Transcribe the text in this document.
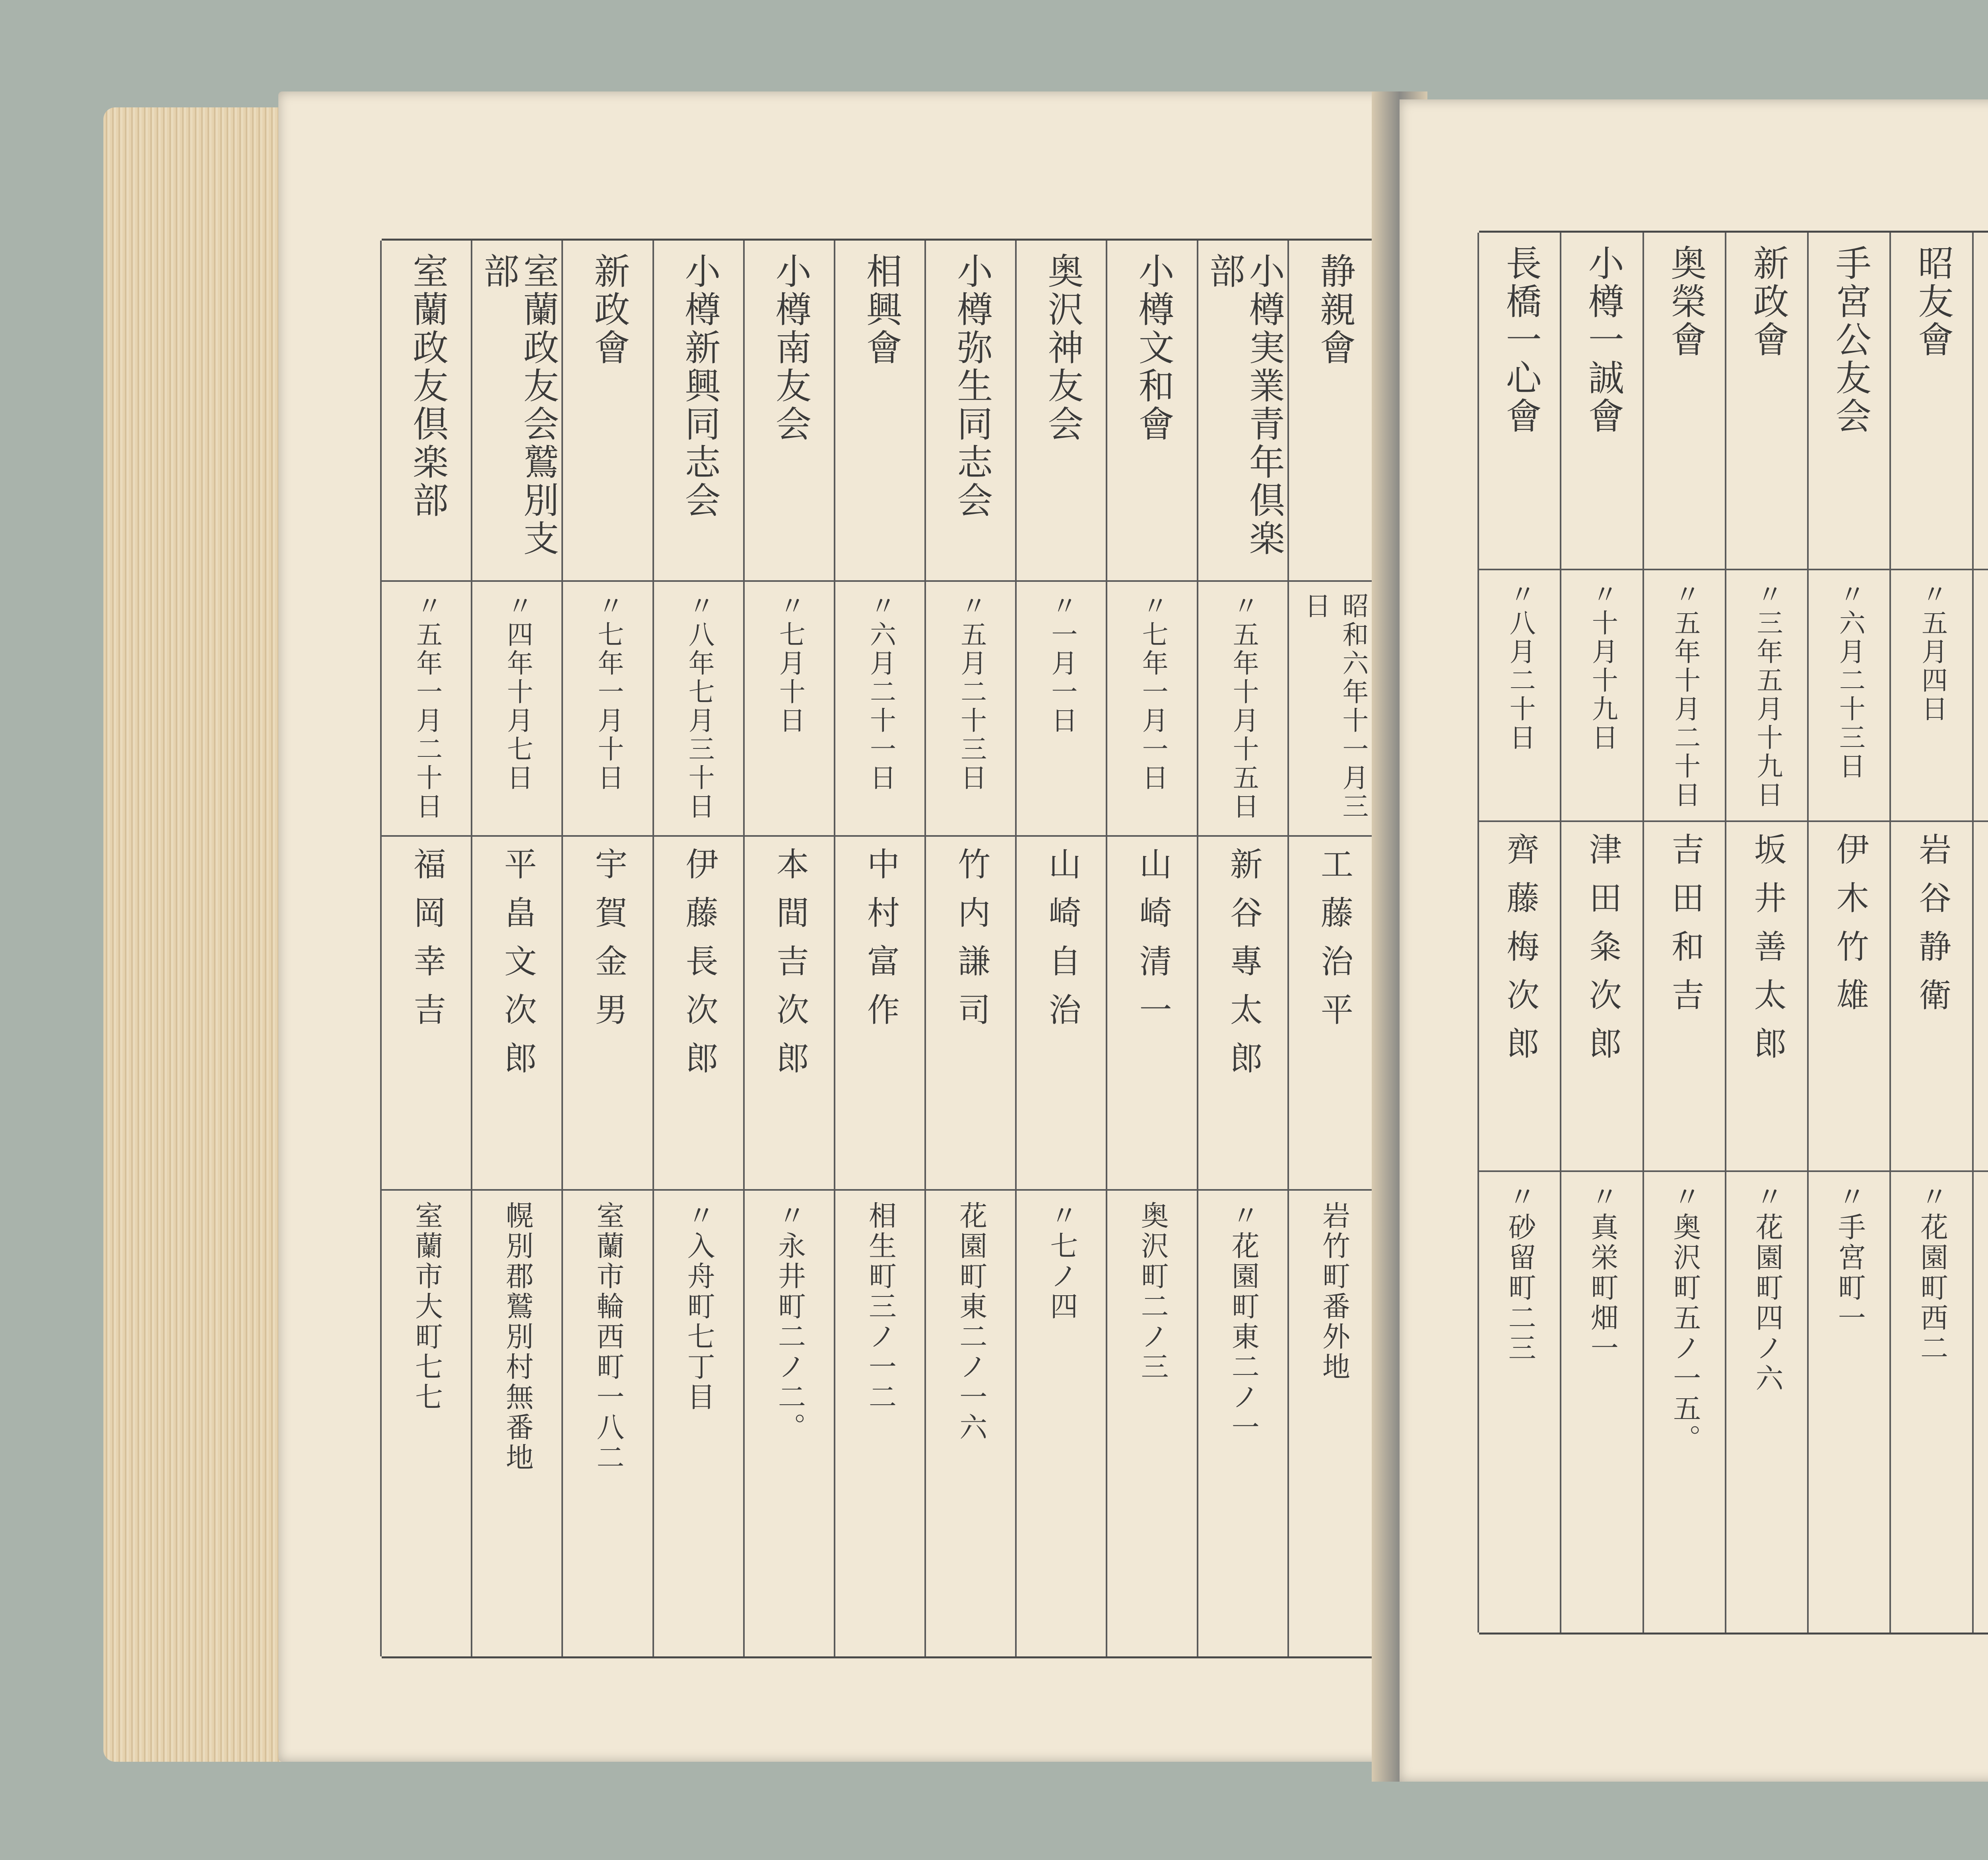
静親會
昭和六年十一月三日
工藤治平
岩竹町番外地
小樽実業青年倶楽部
〃五年十月十五日
新谷專太郎
〃花園町東二ノ一
小樽文和會
〃七年一月一日
山崎清一
奥沢町二ノ三
奥沢神友会
〃一月一日
山崎自治
〃七ノ四
小樽弥生同志会
〃五月二十三日
竹内謙司
花園町東二ノ一六
相興會
〃六月二十一日
中村富作
相生町三ノ一二
小樽南友会
〃七月十日
本間吉次郎
〃永井町二ノ二。
小樽新興同志会
〃八年七月三十日
伊藤長次郎
〃入舟町七丁目
新政會
〃七年一月十日
宇賀金男
室蘭市輪西町一八二
室蘭政友会鷲別支部
〃四年十月七日
平畠文次郎
幌別郡鷲別村無番地
室蘭政友倶楽部
〃五年一月二十日
福岡幸吉
室蘭市大町七七
昭友會
〃五月四日
岩谷静衛
〃花園町西二
手宮公友会
〃六月二十三日
伊木竹雄
〃手宮町一
新政會
〃三年五月十九日
坂井善太郎
〃花園町四ノ六
奥榮會
〃五年十月二十日
吉田和吉
〃奥沢町五ノ一五。
小樽一誠會
〃十月十九日
津田粂次郎
〃真栄町畑一
長橋一心會
〃八月二十日
齊藤梅次郎
〃砂留町二三
